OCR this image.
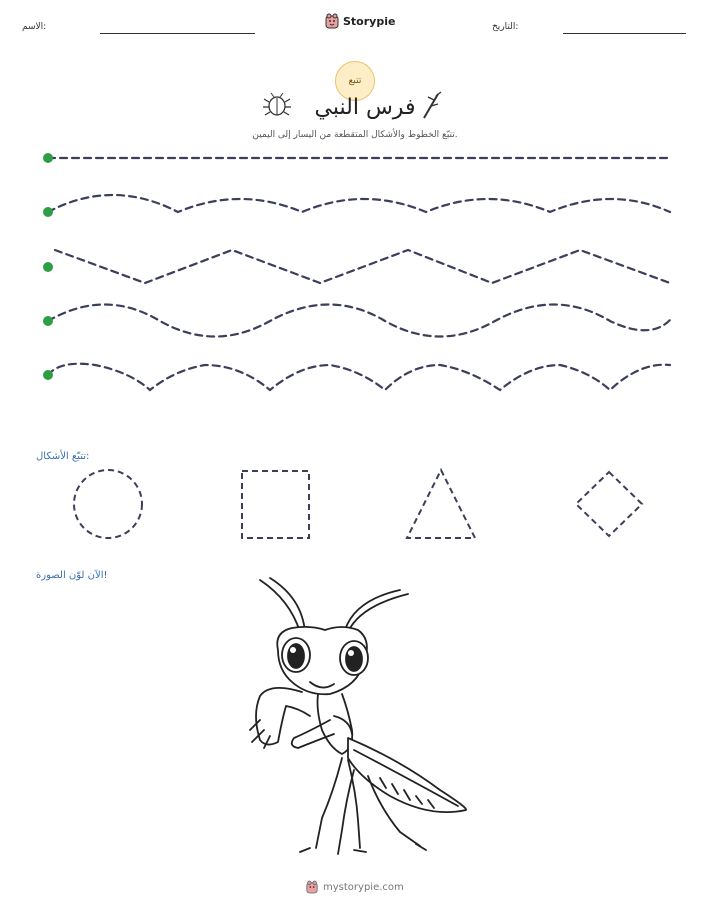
الاسم:	Storypie	التاريخ:
تتبع
فرس النبي
تتبّع الخطوط والأشكال المتقطعة من اليسار إلى اليمين.
تتبّع الأشكال:
الآن لوّن الصورة!
mystorypie.com
